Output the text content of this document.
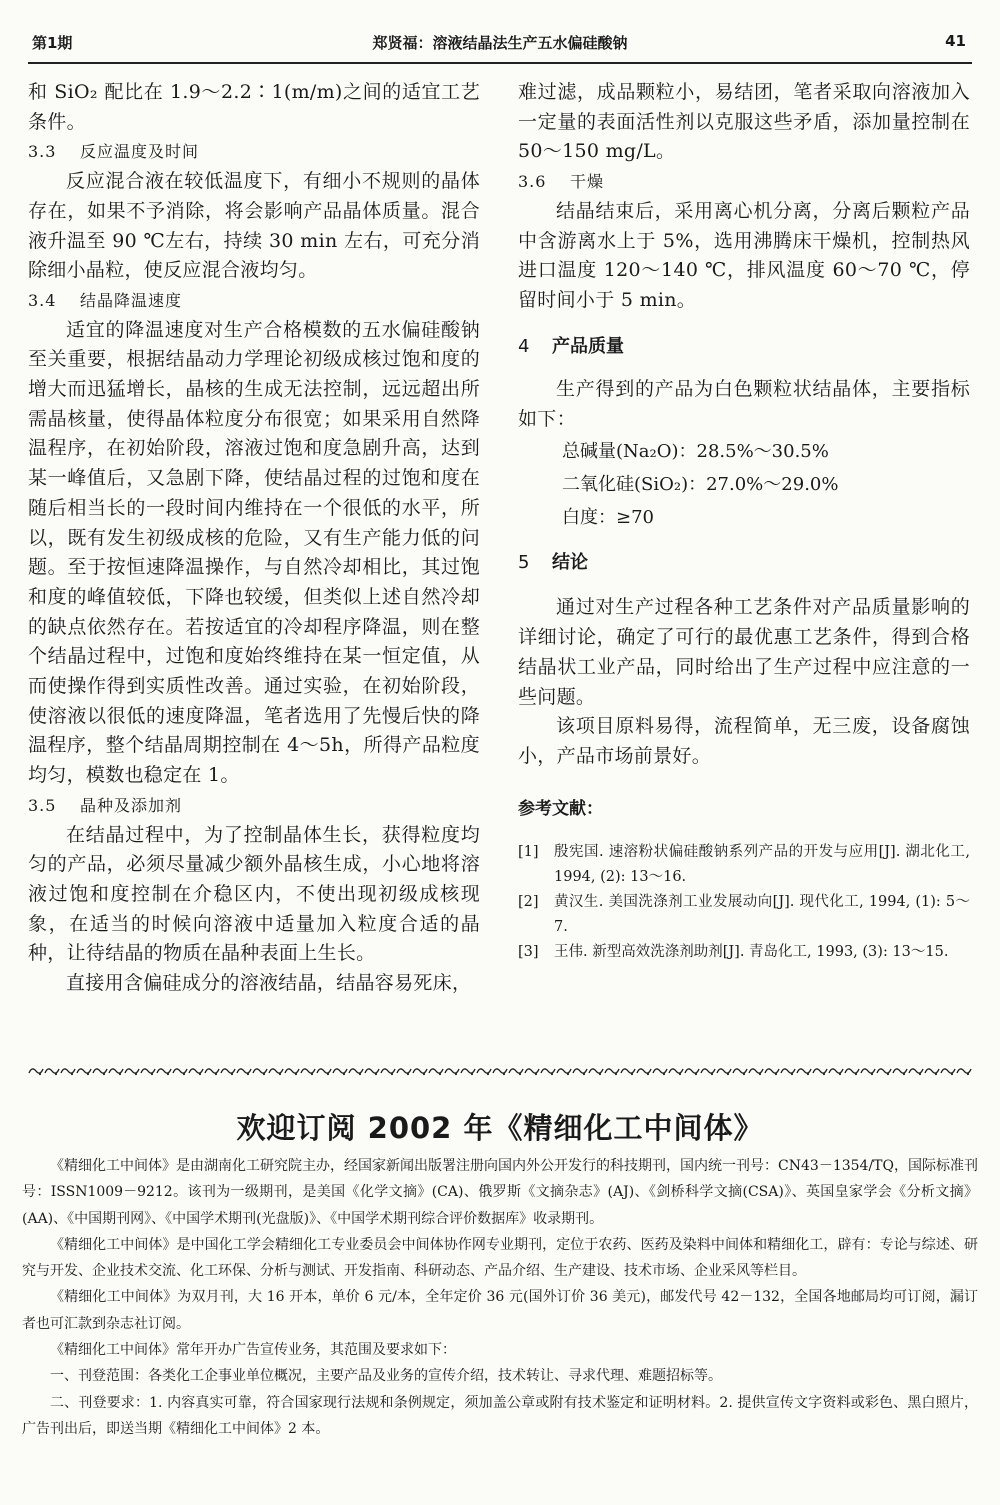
第1期	郑贤福：溶液结晶法生产五水偏硅酸钠	41

和 SiO₂ 配比在 1.9～2.2∶1(m/m)之间的适宜工艺条件。

3.3 反应温度及时间

反应混合液在较低温度下，有细小不规则的晶体存在，如果不予消除，将会影响产品晶体质量。混合液升温至 90 ℃左右，持续 30 min 左右，可充分消除细小晶粒，使反应混合液均匀。

3.4 结晶降温速度

适宜的降温速度对生产合格模数的五水偏硅酸钠至关重要，根据结晶动力学理论初级成核过饱和度的增大而迅猛增长，晶核的生成无法控制，远远超出所需晶核量，使得晶体粒度分布很宽；如果采用自然降温程序，在初始阶段，溶液过饱和度急剧升高，达到某一峰值后，又急剧下降，使结晶过程的过饱和度在随后相当长的一段时间内维持在一个很低的水平，所以，既有发生初级成核的危险，又有生产能力低的问题。至于按恒速降温操作，与自然冷却相比，其过饱和度的峰值较低，下降也较缓，但类似上述自然冷却的缺点依然存在。若按适宜的冷却程序降温，则在整个结晶过程中，过饱和度始终维持在某一恒定值，从而使操作得到实质性改善。通过实验，在初始阶段，使溶液以很低的速度降温，笔者选用了先慢后快的降温程序，整个结晶周期控制在 4～5h，所得产品粒度均匀，模数也稳定在 1。

3.5 晶种及添加剂

在结晶过程中，为了控制晶体生长，获得粒度均匀的产品，必须尽量减少额外晶核生成，小心地将溶液过饱和度控制在介稳区内，不使出现初级成核现象，在适当的时候向溶液中适量加入粒度合适的晶种，让待结晶的物质在晶种表面上生长。

直接用含偏硅成分的溶液结晶，结晶容易死床，

难过滤，成品颗粒小，易结团，笔者采取向溶液加入一定量的表面活性剂以克服这些矛盾，添加量控制在 50～150 mg/L。

3.6 干燥

结晶结束后，采用离心机分离，分离后颗粒产品中含游离水上于 5%，选用沸腾床干燥机，控制热风进口温度 120～140 ℃，排风温度 60～70 ℃，停留时间小于 5 min。

4 产品质量

生产得到的产品为白色颗粒状结晶体，主要指标如下：

总碱量(Na₂O)：28.5%～30.5%

二氧化硅(SiO₂)：27.0%～29.0%

白度：≥70

5 结论

通过对生产过程各种工艺条件对产品质量影响的详细讨论，确定了可行的最优惠工艺条件，得到合格结晶状工业产品，同时给出了生产过程中应注意的一些问题。

该项目原料易得，流程简单，无三废，设备腐蚀小，产品市场前景好。

参考文献：
[1] 殷宪国. 速溶粉状偏硅酸钠系列产品的开发与应用[J]. 湖北化工, 1994, (2): 13～16.
[2] 黄汉生. 美国洗涤剂工业发展动向[J]. 现代化工, 1994, (1): 5～7.
[3] 王伟. 新型高效洗涤剂助剂[J]. 青岛化工, 1993, (3): 13～15.
欢迎订阅 2002 年《精细化工中间体》

《精细化工中间体》是由湖南化工研究院主办，经国家新闻出版署注册向国内外公开发行的科技期刊，国内统一刊号：CN43－1354/TQ，国际标准刊号：ISSN1009－9212。该刊为一级期刊，是美国《化学文摘》(CA)、俄罗斯《文摘杂志》(AJ)、《剑桥科学文摘(CSA)》、英国皇家学会《分析文摘》(AA)、《中国期刊网》、《中国学术期刊(光盘版)》、《中国学术期刊综合评价数据库》收录期刊。

《精细化工中间体》是中国化工学会精细化工专业委员会中间体协作网专业期刊，定位于农药、医药及染料中间体和精细化工，辟有：专论与综述、研究与开发、企业技术交流、化工环保、分析与测试、开发指南、科研动态、产品介绍、生产建设、技术市场、企业采风等栏目。

《精细化工中间体》为双月刊，大 16 开本，单价 6 元/本，全年定价 36 元(国外订价 36 美元)，邮发代号 42－132，全国各地邮局均可订阅，漏订者也可汇款到杂志社订阅。

《精细化工中间体》常年开办广告宣传业务，其范围及要求如下：

一、刊登范围：各类化工企事业单位概况，主要产品及业务的宣传介绍，技术转让、寻求代理、难题招标等。

二、刊登要求：1. 内容真实可靠，符合国家现行法规和条例规定，须加盖公章或附有技术鉴定和证明材料。2. 提供宣传文字资料或彩色、黑白照片，广告刊出后，即送当期《精细化工中间体》2 本。
